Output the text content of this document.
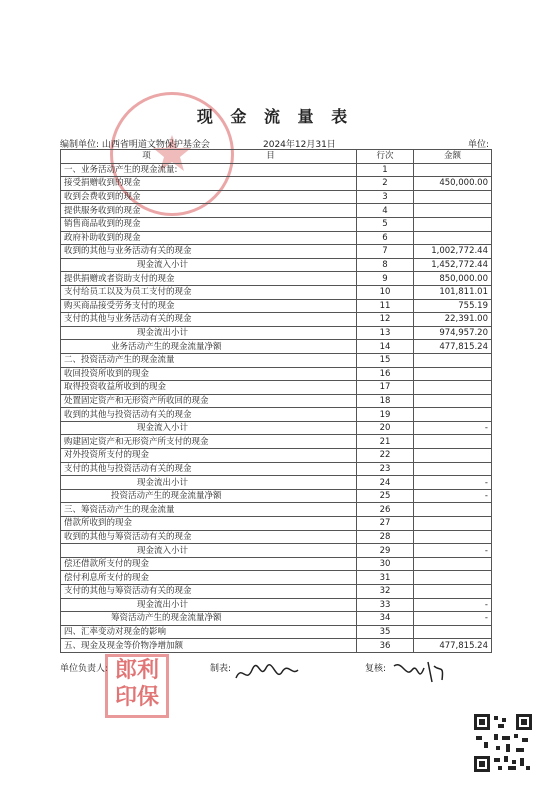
现 金 流 量 表
编制单位: 山西省明道文物保护基金会	2024年12月31日	单位:
项 目	行次	金额
一、业务活动产生的现金流量:	1	
接受捐赠收到的现金	2	450,000.00
收到会费收到的现金	3	
提供服务收到的现金	4	
销售商品收到的现金	5	
政府补助收到的现金	6	
收到的其他与业务活动有关的现金	7	1,002,772.44
现金流入小计	8	1,452,772.44
提供捐赠或者资助支付的现金	9	850,000.00
支付给员工以及为员工支付的现金	10	101,811.01
购买商品接受劳务支付的现金	11	755.19
支付的其他与业务活动有关的现金	12	22,391.00
现金流出小计	13	974,957.20
业务活动产生的现金流量净额	14	477,815.24
二、投资活动产生的现金流量	15	
收回投资所收到的现金	16	
取得投资收益所收到的现金	17	
处置固定资产和无形资产所收回的现金	18	
收到的其他与投资活动有关的现金	19	
现金流入小计	20	-
购建固定资产和无形资产所支付的现金	21	
对外投资所支付的现金	22	
支付的其他与投资活动有关的现金	23	
现金流出小计	24	-
投资活动产生的现金流量净额	25	-
三、筹资活动产生的现金流量	26	
借款所收到的现金	27	
收到的其他与筹资活动有关的现金	28	
现金流入小计	29	-
偿还借款所支付的现金	30	
偿付利息所支付的现金	31	
支付的其他与筹资活动有关的现金	32	
现金流出小计	33	-
筹资活动产生的现金流量净额	34	-
四、汇率变动对现金的影响	35	
五、现金及现金等价物净增加额	36	477,815.24
单位负责人: 郎利
印保
制表:	复核:
